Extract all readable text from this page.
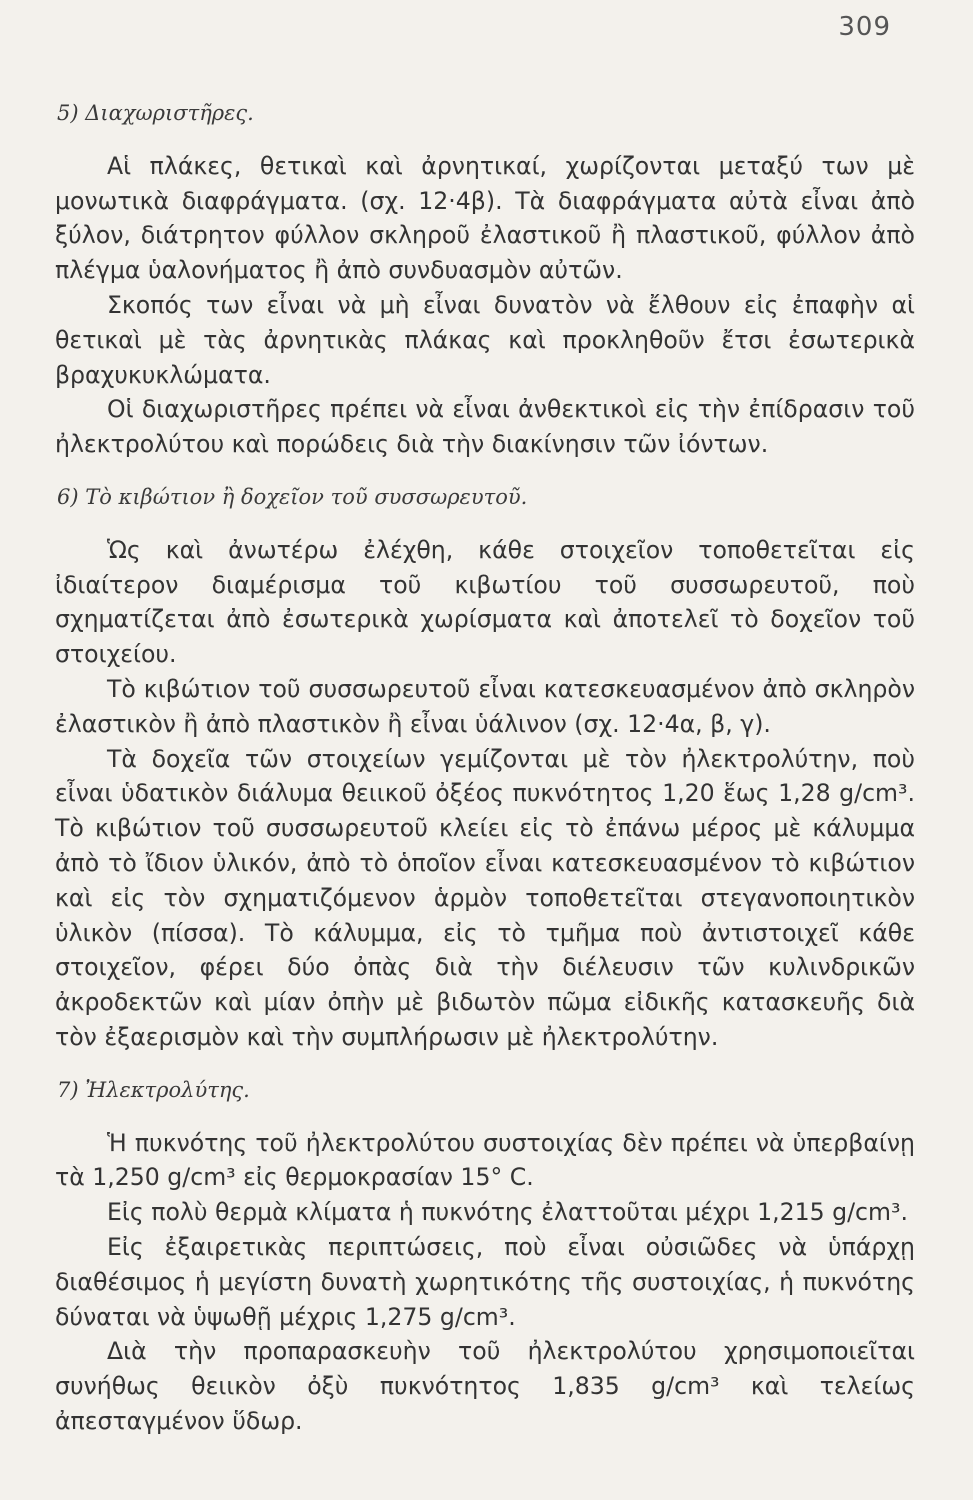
309
5) Διαχωριστῆρες.

Αἱ πλάκες, θετικαὶ καὶ ἀρνητικαί, χωρίζονται μεταξύ των μὲ μονωτικὰ διαφράγματα. (σχ. 12·4β). Τὰ διαφράγματα αὐτὰ εἶναι ἀπὸ ξύλον, διάτρητον φύλλον σκληροῦ ἐλαστικοῦ ἢ πλαστικοῦ, φύλλον ἀπὸ πλέγμα ὑαλονήματος ἢ ἀπὸ συνδυασμὸν αὐτῶν.

Σκοπός των εἶναι νὰ μὴ εἶναι δυνατὸν νὰ ἔλθουν εἰς ἐπαφὴν αἱ θετικαὶ μὲ τὰς ἀρνητικὰς πλάκας καὶ προκληθοῦν ἔτσι ἐσωτερικὰ βραχυκυκλώματα.

Οἱ διαχωριστῆρες πρέπει νὰ εἶναι ἀνθεκτικοὶ εἰς τὴν ἐπίδρασιν τοῦ ἠλεκτρολύτου καὶ πορώδεις διὰ τὴν διακίνησιν τῶν ἰόντων.

6) Τὸ κιβώτιον ἢ δοχεῖον τοῦ συσσωρευτοῦ.

Ὡς καὶ ἀνωτέρω ἐλέχθη, κάθε στοιχεῖον τοποθετεῖται εἰς ἰδιαίτερον διαμέρισμα τοῦ κιβωτίου τοῦ συσσωρευτοῦ, ποὺ σχηματίζεται ἀπὸ ἐσωτερικὰ χωρίσματα καὶ ἀποτελεῖ τὸ δοχεῖον τοῦ στοιχείου.

Τὸ κιβώτιον τοῦ συσσωρευτοῦ εἶναι κατεσκευασμένον ἀπὸ σκληρὸν ἐλαστικὸν ἢ ἀπὸ πλαστικὸν ἢ εἶναι ὑάλινον (σχ. 12·4α, β, γ).

Τὰ δοχεῖα τῶν στοιχείων γεμίζονται μὲ τὸν ἠλεκτρολύτην, ποὺ εἶναι ὑδατικὸν διάλυμα θειικοῦ ὀξέος πυκνότητος 1,20 ἕως 1,28 g/cm³. Τὸ κιβώτιον τοῦ συσσωρευτοῦ κλείει εἰς τὸ ἐπάνω μέρος μὲ κάλυμμα ἀπὸ τὸ ἴδιον ὑλικόν, ἀπὸ τὸ ὁποῖον εἶναι κατεσκευασμένον τὸ κιβώτιον καὶ εἰς τὸν σχηματιζόμενον ἁρμὸν τοποθετεῖται στεγανοποιητικὸν ὑλικὸν (πίσσα). Τὸ κάλυμμα, εἰς τὸ τμῆμα ποὺ ἀντιστοιχεῖ κάθε στοιχεῖον, φέρει δύο ὀπὰς διὰ τὴν διέλευσιν τῶν κυλινδρικῶν ἀκροδεκτῶν καὶ μίαν ὀπὴν μὲ βιδωτὸν πῶμα εἰδικῆς κατασκευῆς διὰ τὸν ἐξαερισμὸν καὶ τὴν συμπλήρωσιν μὲ ἠλεκτρολύτην.

7) Ἠλεκτρολύτης.

Ἡ πυκνότης τοῦ ἠλεκτρολύτου συστοιχίας δὲν πρέπει νὰ ὑπερβαίνῃ τὰ 1,250 g/cm³ εἰς θερμοκρασίαν 15° C.

Εἰς πολὺ θερμὰ κλίματα ἡ πυκνότης ἐλαττοῦται μέχρι 1,215 g/cm³.

Εἰς ἐξαιρετικὰς περιπτώσεις, ποὺ εἶναι οὐσιῶδες νὰ ὑπάρχῃ διαθέσιμος ἡ μεγίστη δυνατὴ χωρητικότης τῆς συστοιχίας, ἡ πυκνότης δύναται νὰ ὑψωθῇ μέχρις 1,275 g/cm³.

Διὰ τὴν προπαρασκευὴν τοῦ ἠλεκτρολύτου χρησιμοποιεῖται συνήθως θειικὸν ὀξὺ πυκνότητος 1,835 g/cm³ καὶ τελείως ἀπεσταγμένον ὕδωρ.
